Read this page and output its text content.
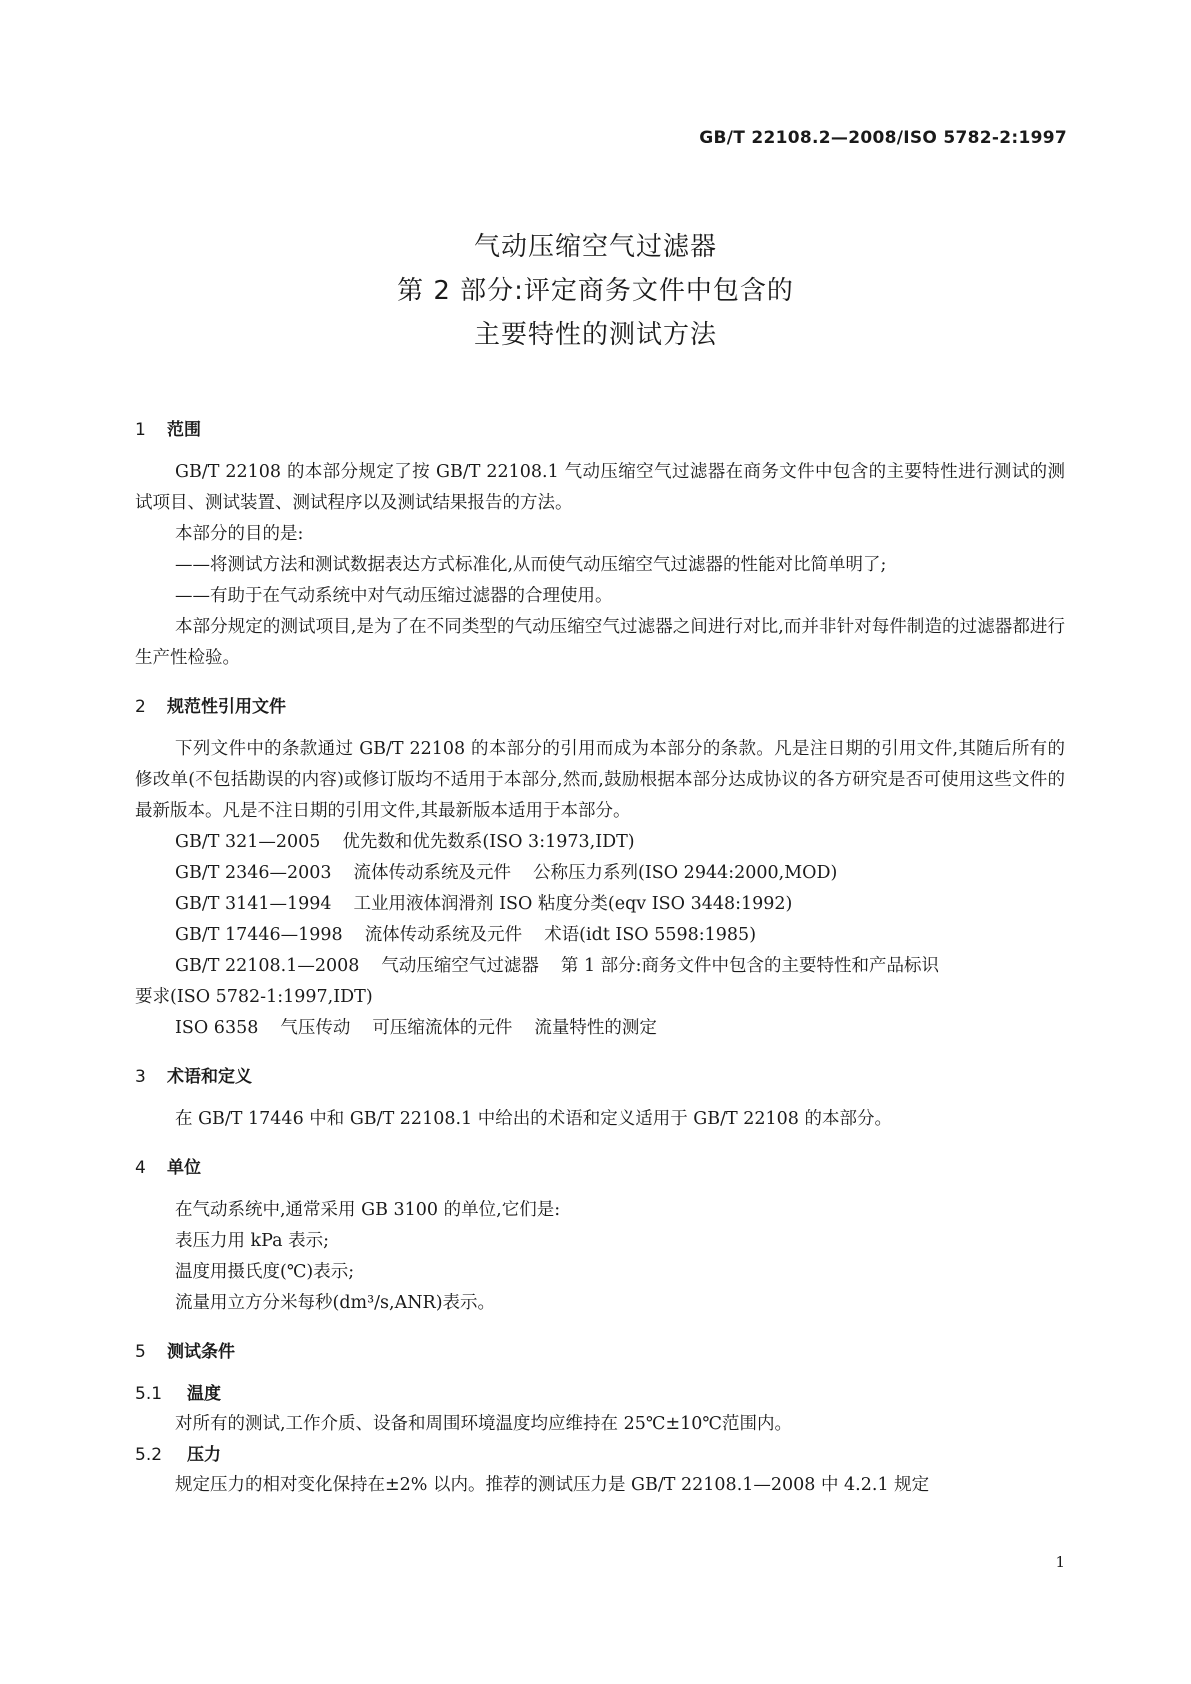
GB/T 22108.2—2008/ISO 5782-2:1997
气动压缩空气过滤器
第 2 部分:评定商务文件中包含的
主要特性的测试方法
1 范围

GB/T 22108 的本部分规定了按 GB/T 22108.1 气动压缩空气过滤器在商务文件中包含的主要特性进行测试的测试项目、测试装置、测试程序以及测试结果报告的方法。

本部分的目的是:

——将测试方法和测试数据表达方式标准化,从而使气动压缩空气过滤器的性能对比简单明了;

——有助于在气动系统中对气动压缩过滤器的合理使用。

本部分规定的测试项目,是为了在不同类型的气动压缩空气过滤器之间进行对比,而并非针对每件制造的过滤器都进行生产性检验。

2 规范性引用文件

下列文件中的条款通过 GB/T 22108 的本部分的引用而成为本部分的条款。凡是注日期的引用文件,其随后所有的修改单(不包括勘误的内容)或修订版均不适用于本部分,然而,鼓励根据本部分达成协议的各方研究是否可使用这些文件的最新版本。凡是不注日期的引用文件,其最新版本适用于本部分。

GB/T 321—2005 优先数和优先数系(ISO 3:1973,IDT)

GB/T 2346—2003 流体传动系统及元件 公称压力系列(ISO 2944:2000,MOD)

GB/T 3141—1994 工业用液体润滑剂 ISO 粘度分类(eqv ISO 3448:1992)

GB/T 17446—1998 流体传动系统及元件 术语(idt ISO 5598:1985)

GB/T 22108.1—2008 气动压缩空气过滤器 第 1 部分:商务文件中包含的主要特性和产品标识

要求(ISO 5782-1:1997,IDT)

ISO 6358 气压传动 可压缩流体的元件 流量特性的测定

3 术语和定义

在 GB/T 17446 中和 GB/T 22108.1 中给出的术语和定义适用于 GB/T 22108 的本部分。

4 单位

在气动系统中,通常采用 GB 3100 的单位,它们是:

表压力用 kPa 表示;

温度用摄氏度(℃)表示;

流量用立方分米每秒(dm³/s,ANR)表示。

5 测试条件
5.1 温度

对所有的测试,工作介质、设备和周围环境温度均应维持在 25℃±10℃范围内。

5.2 压力

规定压力的相对变化保持在±2% 以内。推荐的测试压力是 GB/T 22108.1—2008 中 4.2.1 规定

1
